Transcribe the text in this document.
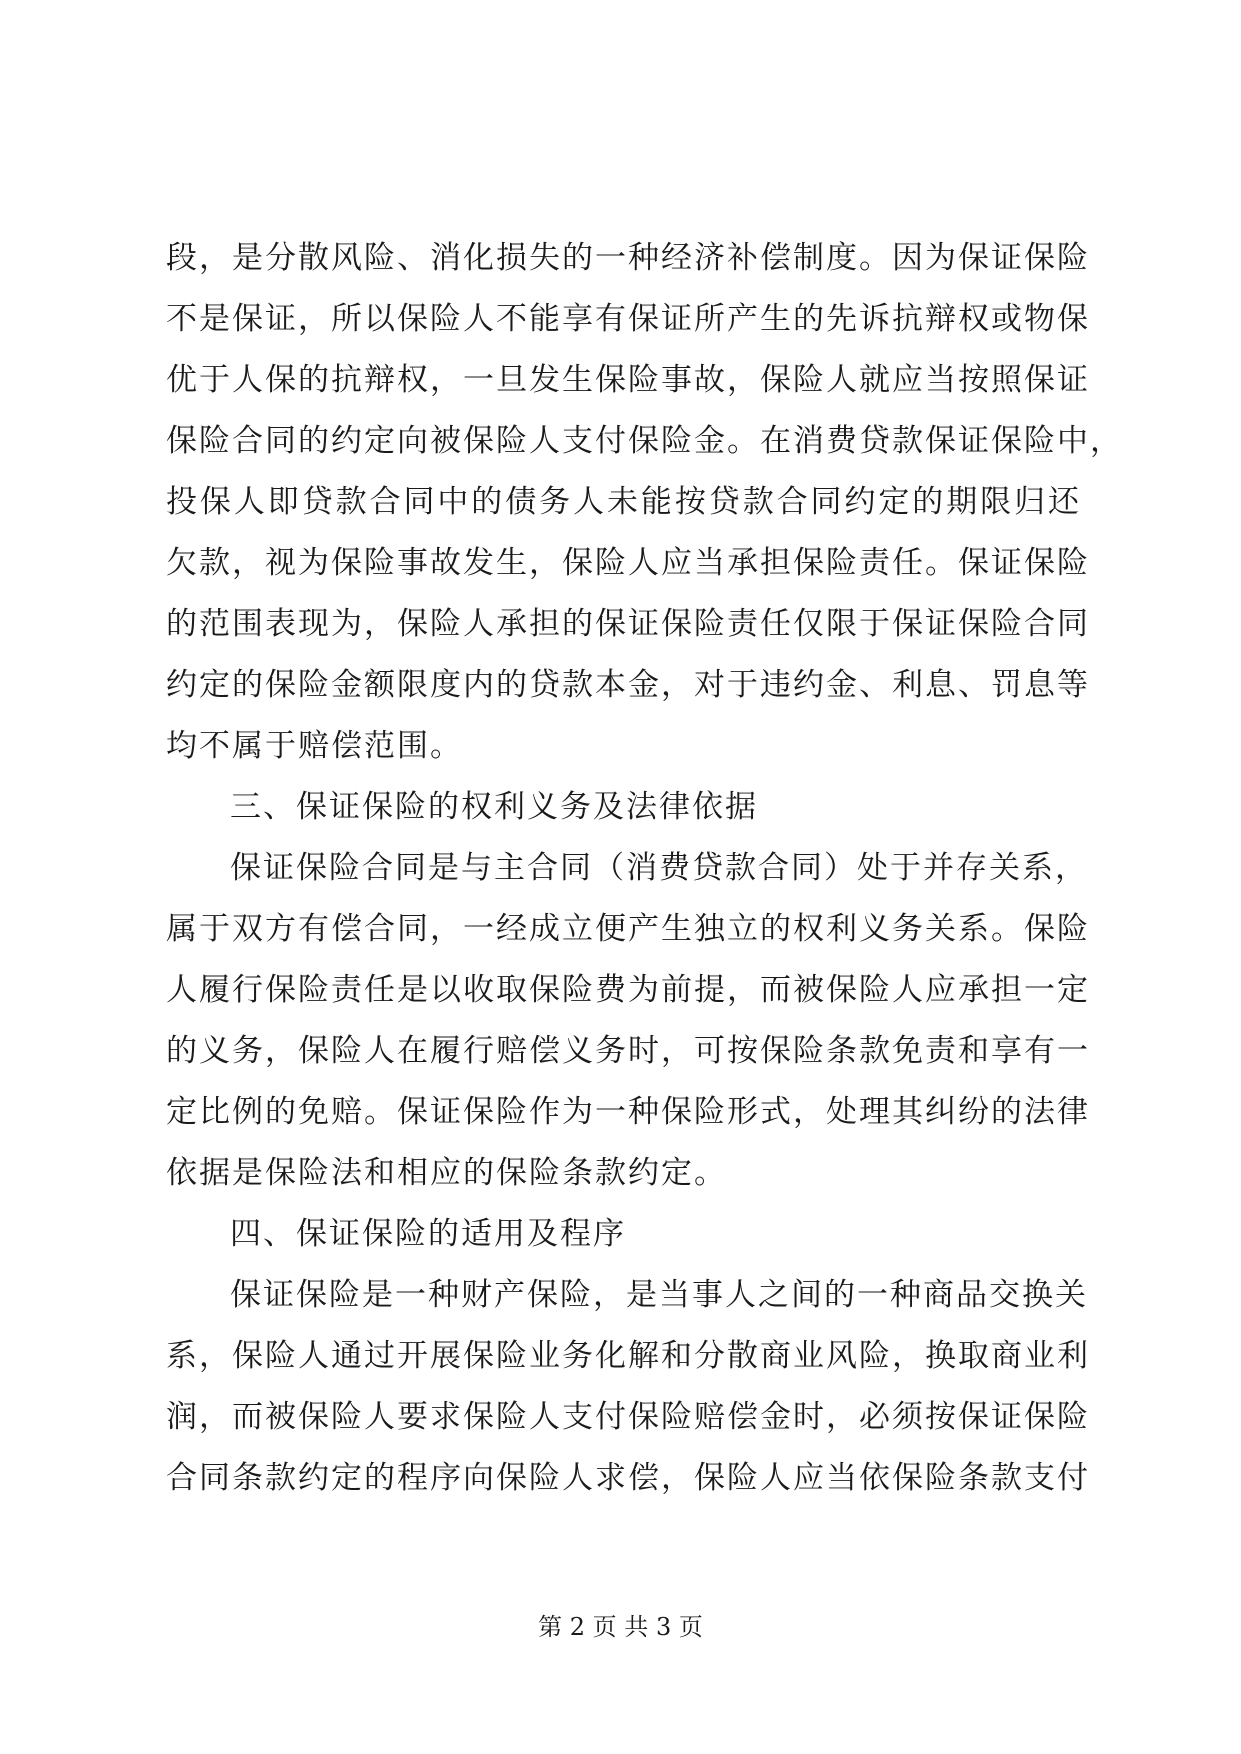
段，是分散风险、消化损失的一种经济补偿制度。因为保证保险
不是保证，所以保险人不能享有保证所产生的先诉抗辩权或物保
优于人保的抗辩权，一旦发生保险事故，保险人就应当按照保证
保险合同的约定向被保险人支付保险金。在消费贷款保证保险中，
投保人即贷款合同中的债务人未能按贷款合同约定的期限归还
欠款，视为保险事故发生，保险人应当承担保险责任。保证保险
的范围表现为，保险人承担的保证保险责任仅限于保证保险合同
约定的保险金额限度内的贷款本金，对于违约金、利息、罚息等
均不属于赔偿范围。
三、保证保险的权利义务及法律依据
保证保险合同是与主合同（消费贷款合同）处于并存关系，
属于双方有偿合同，一经成立便产生独立的权利义务关系。保险
人履行保险责任是以收取保险费为前提，而被保险人应承担一定
的义务，保险人在履行赔偿义务时，可按保险条款免责和享有一
定比例的免赔。保证保险作为一种保险形式，处理其纠纷的法律
依据是保险法和相应的保险条款约定。
四、保证保险的适用及程序
保证保险是一种财产保险，是当事人之间的一种商品交换关
系，保险人通过开展保险业务化解和分散商业风险，换取商业利
润，而被保险人要求保险人支付保险赔偿金时，必须按保证保险
合同条款约定的程序向保险人求偿，保险人应当依保险条款支付
第 2 页 共 3 页
